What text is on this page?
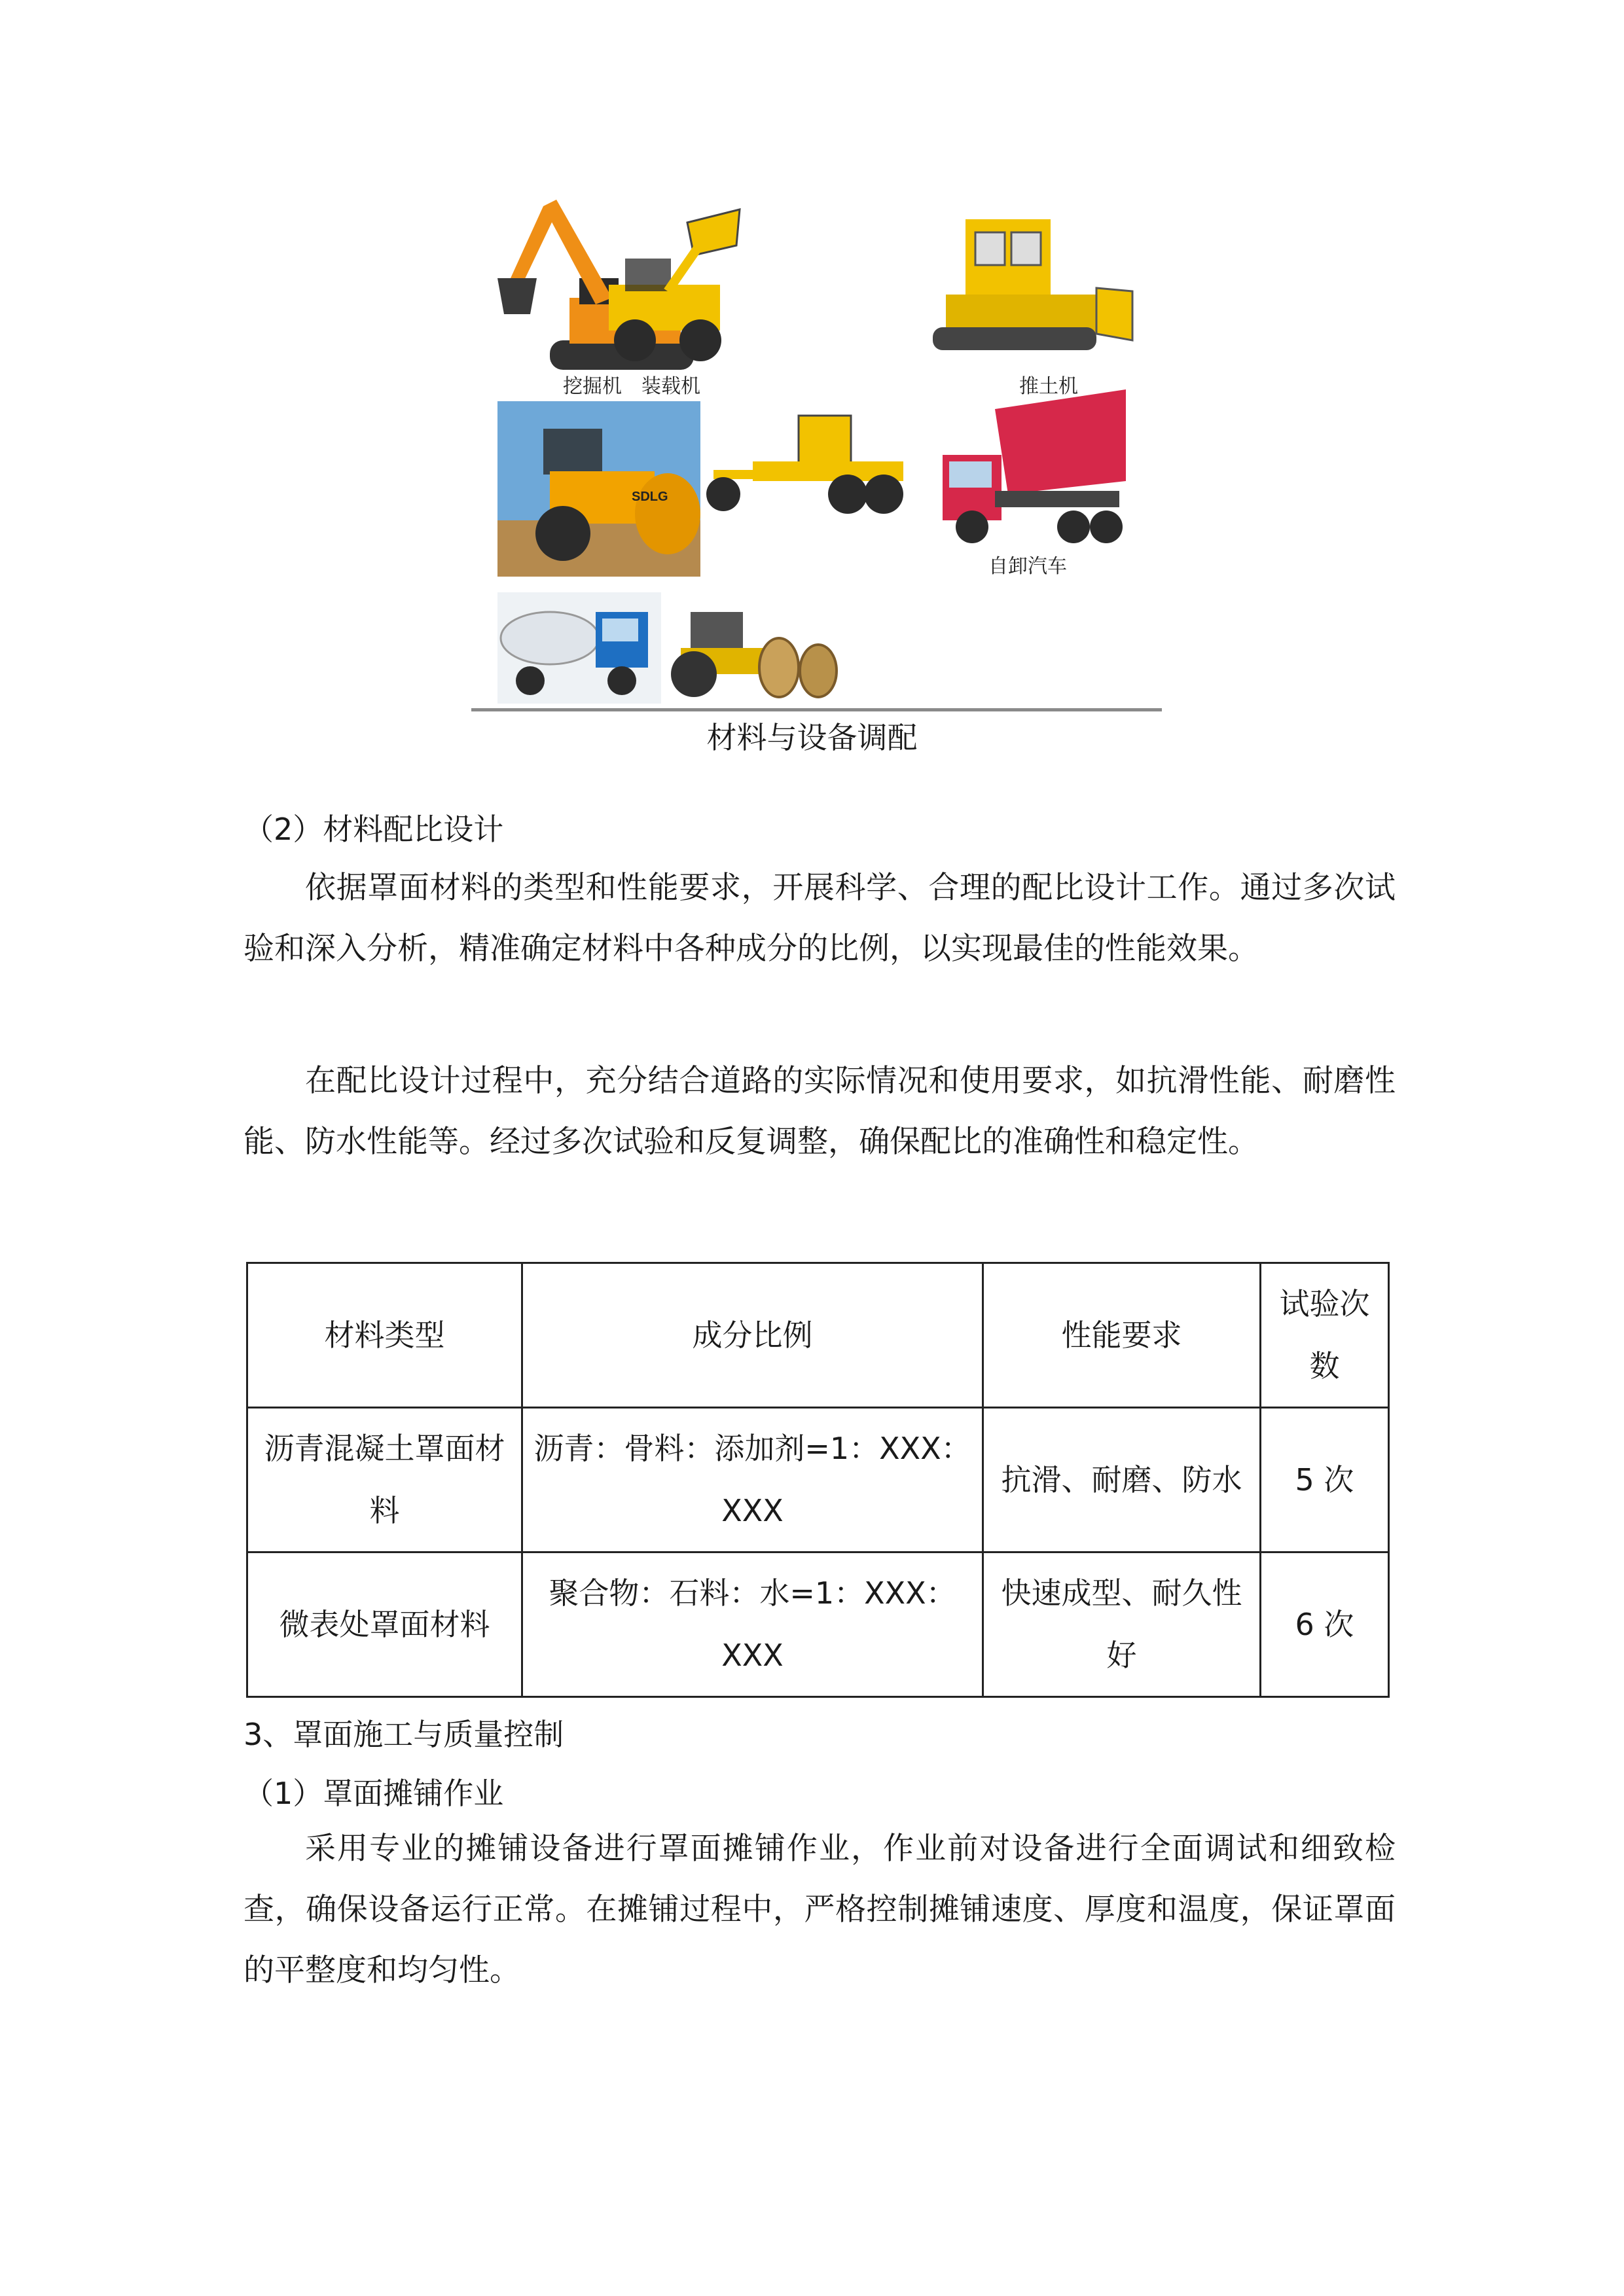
挖掘机 装载机	推土机
SDLG
自卸汽车
材料与设备调配
（2）材料配比设计

依据罩面材料的类型和性能要求，开展科学、合理的配比设计工作。通过多次试验和深入分析，精准确定材料中各种成分的比例，以实现最佳的性能效果。

在配比设计过程中，充分结合道路的实际情况和使用要求，如抗滑性能、耐磨性能、防水性能等。经过多次试验和反复调整，确保配比的准确性和稳定性。

材料类型	成分比例	性能要求	试验次数
沥青混凝土罩面材料	沥青：骨料：添加剂=1：XXX：XXX	抗滑、耐磨、防水	5 次
微表处罩面材料	聚合物：石料：水=1：XXX：XXX	快速成型、耐久性好	6 次
3、罩面施工与质量控制
（1）罩面摊铺作业

采用专业的摊铺设备进行罩面摊铺作业，作业前对设备进行全面调试和细致检查，确保设备运行正常。在摊铺过程中，严格控制摊铺速度、厚度和温度，保证罩面的平整度和均匀性。
